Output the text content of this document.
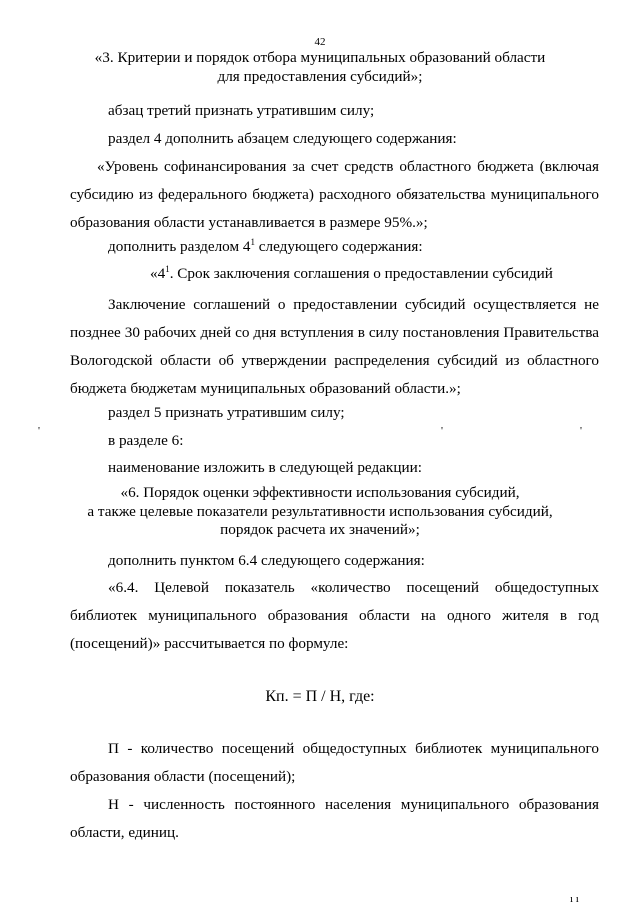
42
«3. Критерии и порядок отбора муниципальных образований области
для предоставления субсидий»;

абзац третий признать утратившим силу;

раздел 4 дополнить абзацем следующего содержания:

«Уровень софинансирования за счет средств областного бюджета (включая субсидию из федерального бюджета) расходного обязательства муниципального образования области устанавливается в размере 95%.»;

дополнить разделом $4^1$ следующего содержания:

«$4^1$. Срок заключения соглашения о предоставлении субсидий

Заключение соглашений о предоставлении субсидий осуществляется не позднее 30 рабочих дней со дня вступления в силу постановления Правительства Вологодской области об утверждении распределения субсидий из областного бюджета бюджетам муниципальных образований области.»;

раздел 5 признать утратившим силу;

в разделе 6:

наименование изложить в следующей редакции:

«6. Порядок оценки эффективности использования субсидий,
а также целевые показатели результативности использования субсидий,
порядок расчета их значений»;

дополнить пунктом 6.4 следующего содержания:

«6.4. Целевой показатель «количество посещений общедоступных
библиотек муниципального образования области на одного жителя в год

(посещений)» рассчитывается по формуле:

Кп. = П / Н, где:

П - количество посещений общедоступных библиотек муниципального образования области (посещений);

Н - численность постоянного населения муниципального образования области, единиц.

'	'	'
ı ı
